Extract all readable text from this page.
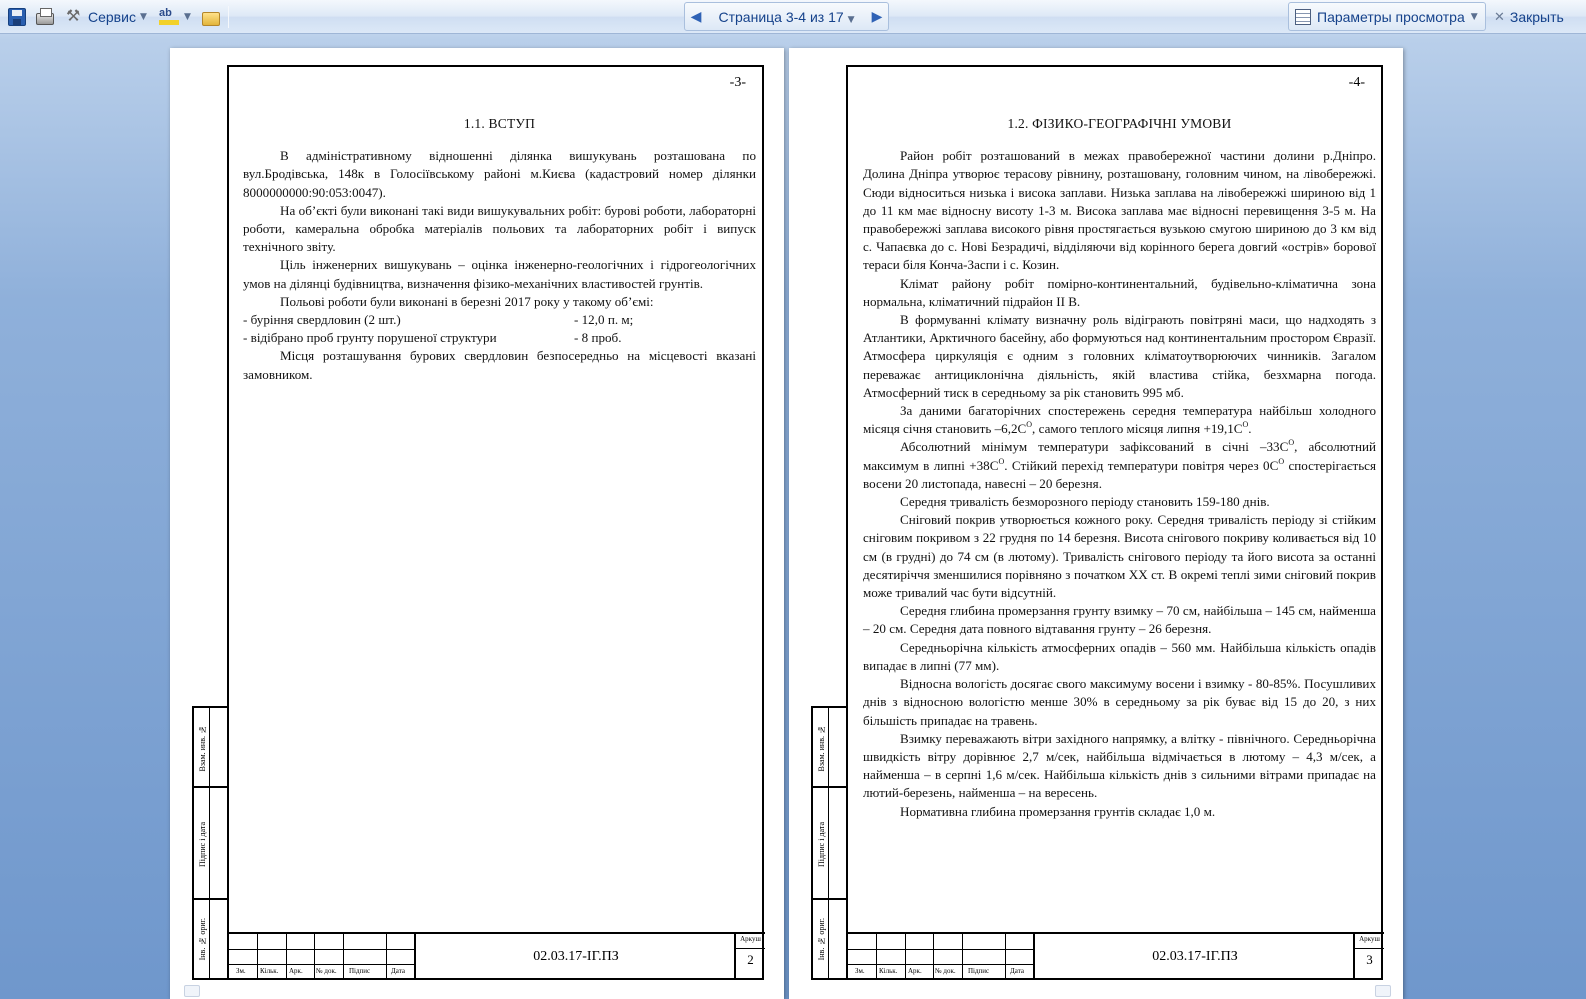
⚒
Сервис ▼
ab	▼	◀	Страница 3-4 из 17 ▼	▶	Параметры просмотра ▼ ✕ Закрыть
Взам. инв. №
Підпис і дата
Інв. № ориг.
-3-
1.1. ВСТУП

В адміністративному відношенні ділянка вишукувань розташована по вул.Бродівська, 148к в Голосіївському районі м.Києва (кадастровий номер ділянки 8000000000:90:053:0047).

На об’єкті були виконані такі види вишукувальних робіт: бурові роботи, лабораторні роботи, камеральна обробка матеріалів польових та лабораторних робіт і випуск технічного звіту.

Ціль інженерних вишукувань – оцінка інженерно-геологічних і гідрогеологічних умов на ділянці будівництва, визначення фізико-механічних властивостей грунтів.

Польові роботи були виконані в березні 2017 року у такому об’ємі:

- буріння свердловин (2 шт.)	- 12,0 п. м;
- відібрано проб грунту порушеної структури	- 8 проб.

Місця розташування бурових свердловин безпосередньо на місцевості вказані замовником.

Зм. Кільк. Арк. № док. Підпис	Дата
02.03.17-ІГ.ПЗ
Аркуш
2
Взам. инв. №
Підпис і дата
Інв. № ориг.
-4-
1.2. ФІЗИКО-ГЕОГРАФІЧНІ УМОВИ

Район робіт розташований в межах правобережної частини долини р.Дніпро. Долина Дніпра утворює терасову рівнину, розташовану, головним чином, на лівобережжі. Сюди відноситься низька і висока заплави. Низька заплава на лівобережжі шириною від 1 до 11 км має відносну висоту 1-3 м. Висока заплава має відносні перевищення 3-5 м. На правобережжі заплава високого рівня простягається вузькою смугою шириною до 3 км від с. Чапаєвка до с. Нові Безрадичі, відділяючи від корінного берега довгий «острів» борової тераси біля Конча-Заспи і с. Козин.

Клімат району робіт помірно-континентальний, будівельно-кліматична зона нормальна, кліматичний підрайон II В.

В формуванні клімату визначну роль відіграють повітряні маси, що надходять з Атлантики, Арктичного басейну, або формуються над континентальним простором Євразії. Атмосфера циркуляція є одним з головних кліматоутворюючих чинників. Загалом переважає антициклонічна діяльність, якій властива стійка, безхмарна погода. Атмосферний тиск в середньому за рік становить 995 мб.

За даними багаторічних спостережень середня температура найбільш холодного місяця січня становить $-6,2С^О$, самого теплого місяця липня $+19,1С^О$.

Абсолютний мінімум температури зафіксований в січні $-33С^О$, абсолютний максимум в липні $+38С^О$. Стійкий перехід температури повітря через $0С^О$ спостерігається восени 20 листопада, навесні – 20 березня.

Середня тривалість безморозного періоду становить 159-180 днів.

Сніговий покрив утворюється кожного року. Середня тривалість періоду зі стійким сніговим покривом з 22 грудня по 14 березня. Висота снігового покриву коливається від 10 см (в грудні) до 74 см (в лютому). Тривалість снігового періоду та його висота за останні десятиріччя зменшилися порівняно з початком XX ст. В окремі теплі зими сніговий покрив може тривалий час бути відсутній.

Середня глибина промерзання грунту взимку – 70 см, найбільша – 145 см, найменша – 20 см. Середня дата повного відтавання грунту – 26 березня.

Середньорічна кількість атмосферних опадів – 560 мм. Найбільша кількість опадів випадає в липні (77 мм).

Відносна вологість досягає свого максимуму восени і взимку - 80-85%. Посушливих днів з відносною вологістю менше 30% в середньому за рік буває від 15 до 20, з них більшість припадає на травень.

Взимку переважають вітри західного напрямку, а влітку - північного. Середньорічна швидкість вітру дорівнює 2,7 м/сек, найбільша відмічається в лютому – 4,3 м/сек, а найменша – в серпні 1,6 м/сек. Найбільша кількість днів з сильними вітрами припадає на лютий-березень, найменша – на вересень.

Нормативна глибина промерзання грунтів складає 1,0 м.

Зм. Кільк. Арк. № док. Підпис	Дата
02.03.17-ІГ.ПЗ
Аркуш
3
